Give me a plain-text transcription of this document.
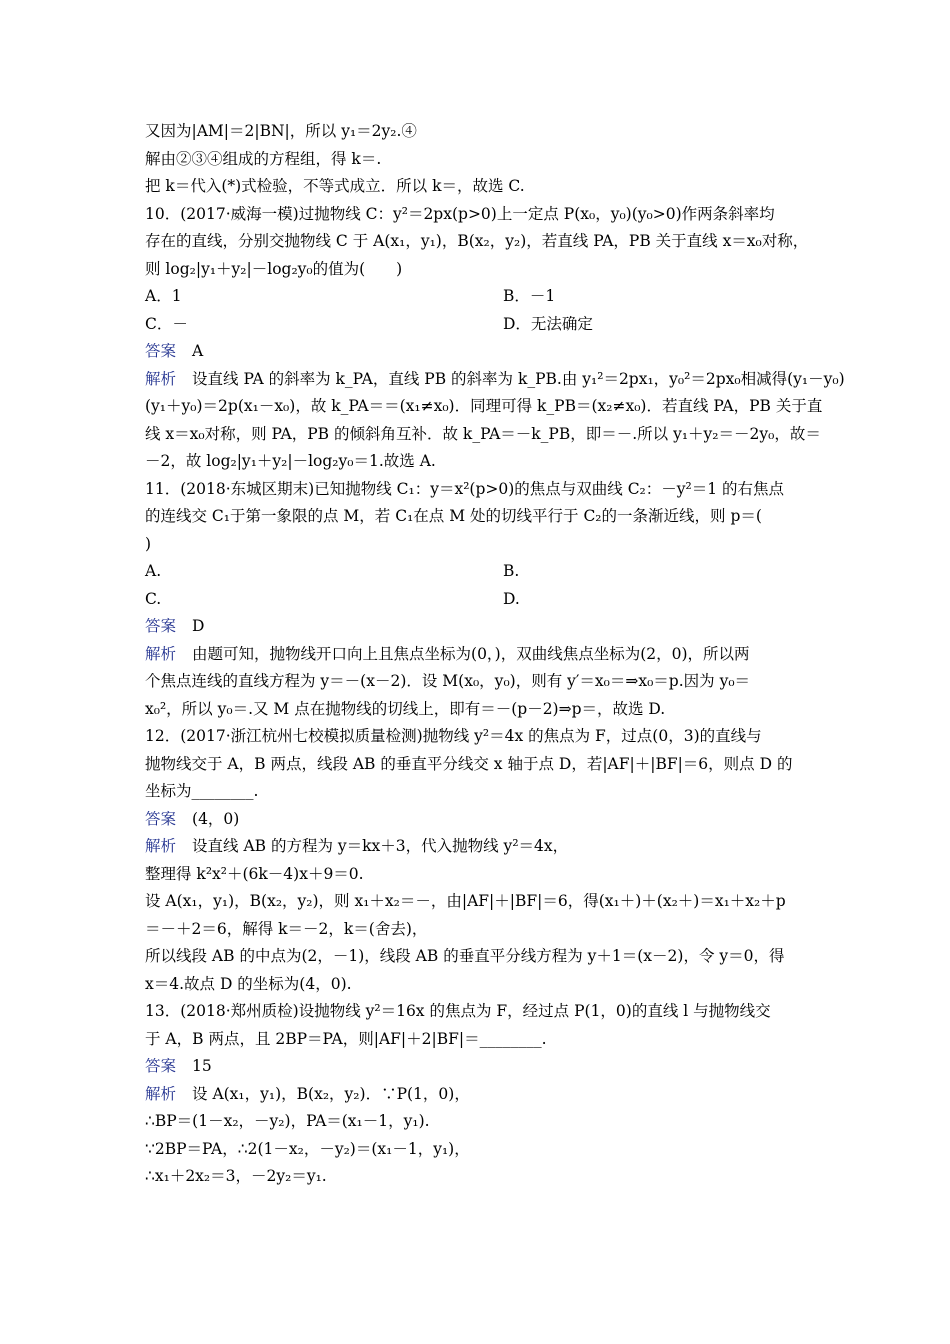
又因为|AM|＝2|BN|，所以 y₁＝2y₂.④
解由②③④组成的方程组，得 k＝.
把 k＝代入(*)式检验，不等式成立．所以 k＝，故选 C.
10．(2017·威海一模)过抛物线 C：y²＝2px(p>0)上一定点 P(x₀，y₀)(y₀>0)作两条斜率均
存在的直线，分别交抛物线 C 于 A(x₁，y₁)，B(x₂，y₂)，若直线 PA，PB 关于直线 x＝x₀对称，
则 log₂|y₁＋y₂|－log₂y₀的值为(　　)
A．1	B．－1
C．－	D．无法确定
答案 A
解析 设直线 PA 的斜率为 k_PA，直线 PB 的斜率为 k_PB.由 y₁²＝2px₁，y₀²＝2px₀相减得(y₁－y₀)
(y₁＋y₀)＝2p(x₁－x₀)，故 k_PA＝＝(x₁≠x₀)．同理可得 k_PB＝(x₂≠x₀)．若直线 PA，PB 关于直
线 x＝x₀对称，则 PA，PB 的倾斜角互补．故 k_PA＝－k_PB，即＝－.所以 y₁＋y₂＝－2y₀，故＝
－2，故 log₂|y₁＋y₂|－log₂y₀＝1.故选 A.
11．(2018·东城区期末)已知抛物线 C₁：y＝x²(p>0)的焦点与双曲线 C₂：－y²＝1 的右焦点
的连线交 C₁于第一象限的点 M，若 C₁在点 M 处的切线平行于 C₂的一条渐近线，则 p＝(
)
A.	B.
C.	D.
答案 D
解析 由题可知，抛物线开口向上且焦点坐标为(0，)，双曲线焦点坐标为(2，0)，所以两
个焦点连线的直线方程为 y＝－(x－2)．设 M(x₀，y₀)，则有 y′＝x₀＝⇒x₀＝p.因为 y₀＝
x₀²，所以 y₀＝.又 M 点在抛物线的切线上，即有＝－(p－2)⇒p＝，故选 D.
12．(2017·浙江杭州七校模拟质量检测)抛物线 y²＝4x 的焦点为 F，过点(0，3)的直线与
抛物线交于 A，B 两点，线段 AB 的垂直平分线交 x 轴于点 D，若|AF|＋|BF|＝6，则点 D 的
坐标为________.
答案 (4，0)
解析 设直线 AB 的方程为 y＝kx＋3，代入抛物线 y²＝4x，
整理得 k²x²＋(6k－4)x＋9＝0.
设 A(x₁，y₁)，B(x₂，y₂)，则 x₁＋x₂＝－，由|AF|＋|BF|＝6，得(x₁＋)＋(x₂＋)＝x₁＋x₂＋p
＝－＋2＝6，解得 k＝－2，k＝(舍去)，
所以线段 AB 的中点为(2，－1)，线段 AB 的垂直平分线方程为 y＋1＝(x－2)，令 y＝0，得
x＝4.故点 D 的坐标为(4，0).
13．(2018·郑州质检)设抛物线 y²＝16x 的焦点为 F，经过点 P(1，0)的直线 l 与抛物线交
于 A，B 两点，且 2BP＝PA，则|AF|＋2|BF|＝________.
答案 15
解析 设 A(x₁，y₁)，B(x₂，y₂)．∵P(1，0)，
∴BP＝(1－x₂，－y₂)，PA＝(x₁－1，y₁).
∵2BP＝PA，∴2(1－x₂，－y₂)＝(x₁－1，y₁)，
∴x₁＋2x₂＝3，－2y₂＝y₁.
